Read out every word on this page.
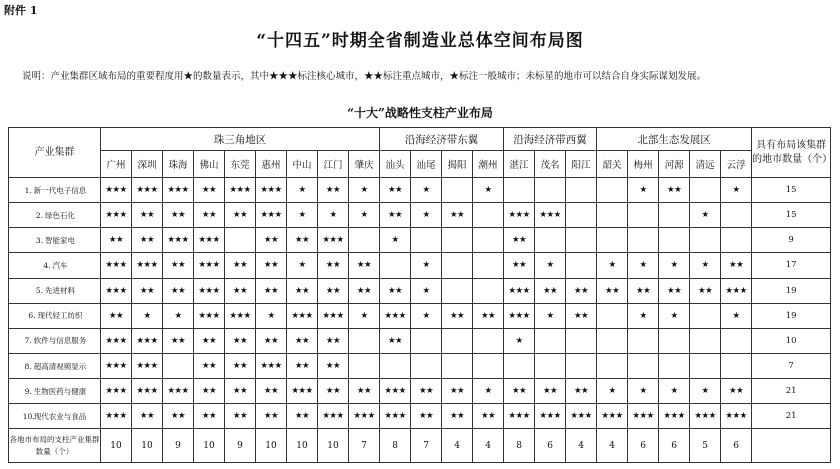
附件 1
“十四五”时期全省制造业总体空间布局图
说明：产业集群区域布局的重要程度用★的数量表示，其中★★★标注核心城市，★★标注重点城市，★标注一般城市；未标星的地市可以结合自身实际谋划发展。
“十大”战略性支柱产业布局
产业集群	珠三角地区									沿海经济带东翼				沿海经济带西翼			北部生态发展区					具有布局该集群的地市数量（个）
	广州	深圳	珠海	佛山	东莞	惠州	中山	江门	肇庆	汕头	汕尾	揭阳	潮州	湛江	茂名	阳江	韶关	梅州	河源	清远	云浮	
1. 新一代电子信息	★★★	★★★	★★★	★★	★★★	★★★	★	★★	★	★★	★		★					★	★★		★	15
2. 绿色石化	★★★	★★	★★	★★	★★	★★★	★	★	★	★★	★	★★		★★★	★★★					★		15
3. 智能家电	★★	★★	★★★	★★★		★★	★★	★★★		★				★★								9
4. 汽车	★★★	★★★	★★	★★★	★★	★★	★	★★	★★		★			★★	★		★	★	★	★	★★	17
5. 先进材料	★★★	★★	★★	★★★	★★	★★	★★	★★	★★	★★	★			★★★	★★	★★	★★	★★	★★	★★	★★★	19
6. 现代轻工纺织	★★	★	★	★★★	★★★	★	★★★	★★★	★	★★★	★	★★	★★	★★★	★	★★		★	★		★	19
7. 软件与信息服务	★★★	★★★	★★	★★	★★	★★	★★	★★		★★				★								10
8. 超高清视频显示	★★★	★★★		★★	★★	★★★	★★	★★														7
9. 生物医药与健康	★★★	★★★	★★★	★★	★★	★★	★★★	★★	★★	★★★	★★	★★	★	★★	★★	★★	★	★	★	★	★★	21
10.现代农业与食品	★★★	★★	★★	★★	★★	★★	★★	★★★	★★★	★★★	★★	★★	★★	★★★	★★★	★★★	★★★	★★★	★★★	★★★	★★★	21
各地市布局的支柱产业集群数量（个）	10	10	9	10	9	10	10	10	7	8	7	4	4	8	6	4	4	6	6	5	6	
